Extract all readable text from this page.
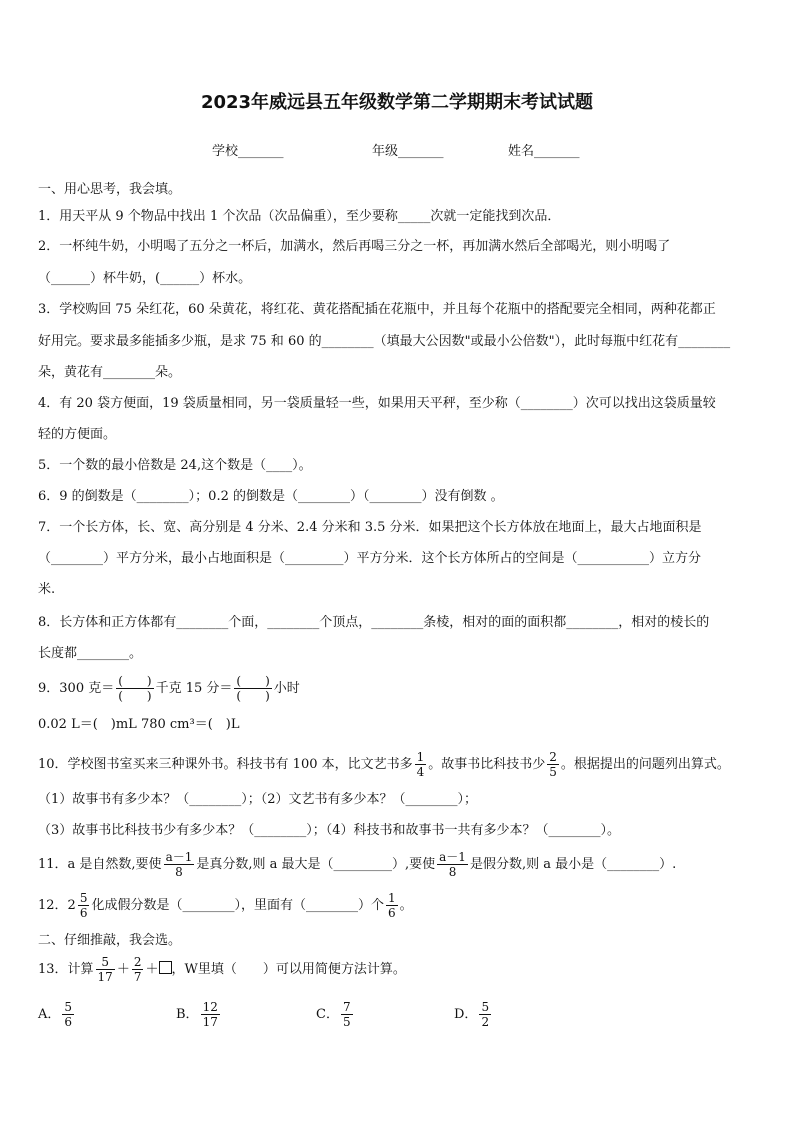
2023年威远县五年级数学第二学期期末考试试题
学校_______	年级_______	姓名_______
一、用心思考，我会填。
1．用天平从 9 个物品中找出 1 个次品（次品偏重），至少要称_____次就一定能找到次品．
2．一杯纯牛奶，小明喝了五分之一杯后，加满水，然后再喝三分之一杯，再加满水然后全部喝光，则小明喝了
（______）杯牛奶，(______）杯水。
3．学校购回 75 朵红花，60 朵黄花，将红花、黄花搭配插在花瓶中，并且每个花瓶中的搭配要完全相同，两种花都正
好用完。要求最多能插多少瓶，是求 75 和 60 的________（填最大公因数"或最小公倍数"），此时每瓶中红花有________
朵，黄花有________朵。
4．有 20 袋方便面，19 袋质量相同，另一袋质量轻一些，如果用天平秤，至少称（________）次可以找出这袋质量较
轻的方便面。
5．一个数的最小倍数是 24,这个数是（____）。
6．9 的倒数是（________）；0.2 的倒数是（________）（________）没有倒数 。
7．一个长方体，长、宽、高分别是 4 分米、2.4 分米和 3.5 分米．如果把这个长方体放在地面上，最大占地面积是
（________）平方分米，最小占地面积是（_________）平方分米．这个长方体所占的空间是（___________）立方分
米.
8．长方体和正方体都有________个面，________个顶点，________条棱，相对的面的面积都________，相对的棱长的
长度都________。
9．300 克＝ $\frac{( )}{( )}$ 千克 15 分＝ $\frac{( )}{( )}$ 小时
0.02 L＝(　)mL 780 cm³＝(　)L
10．学校图书室买来三种课外书。科技书有 100 本，比文艺书多 $\frac{1}{4}$ 。故事书比科技书少 $\frac{2}{5}$ 。根据提出的问题列出算式。
（1）故事书有多少本？（________）；（2）文艺书有多少本？（________）；
（3）故事书比科技书少有多少本？（________）；（4）科技书和故事书一共有多少本？（________）。
11．a 是自然数,要使 $\frac{a-1}{8}$ 是真分数,则 a 最大是（_________）,要使 $\frac{a-1}{8}$ 是假分数,则 a 最小是（________）.
12．$2 \frac{5}{6}$ 化成假分数是（________），里面有（________）个 $\frac{1}{6}$ 。
二、仔细推敲，我会选。
13．计算 $\frac{5}{17} + \frac{2}{7}$ ＋ ，W里填（　　）可以用简便方法计算。
A． $\frac{5}{6}$	B． $\frac{12}{17}$	C． $\frac{7}{5}$	D． $\frac{5}{2}$
